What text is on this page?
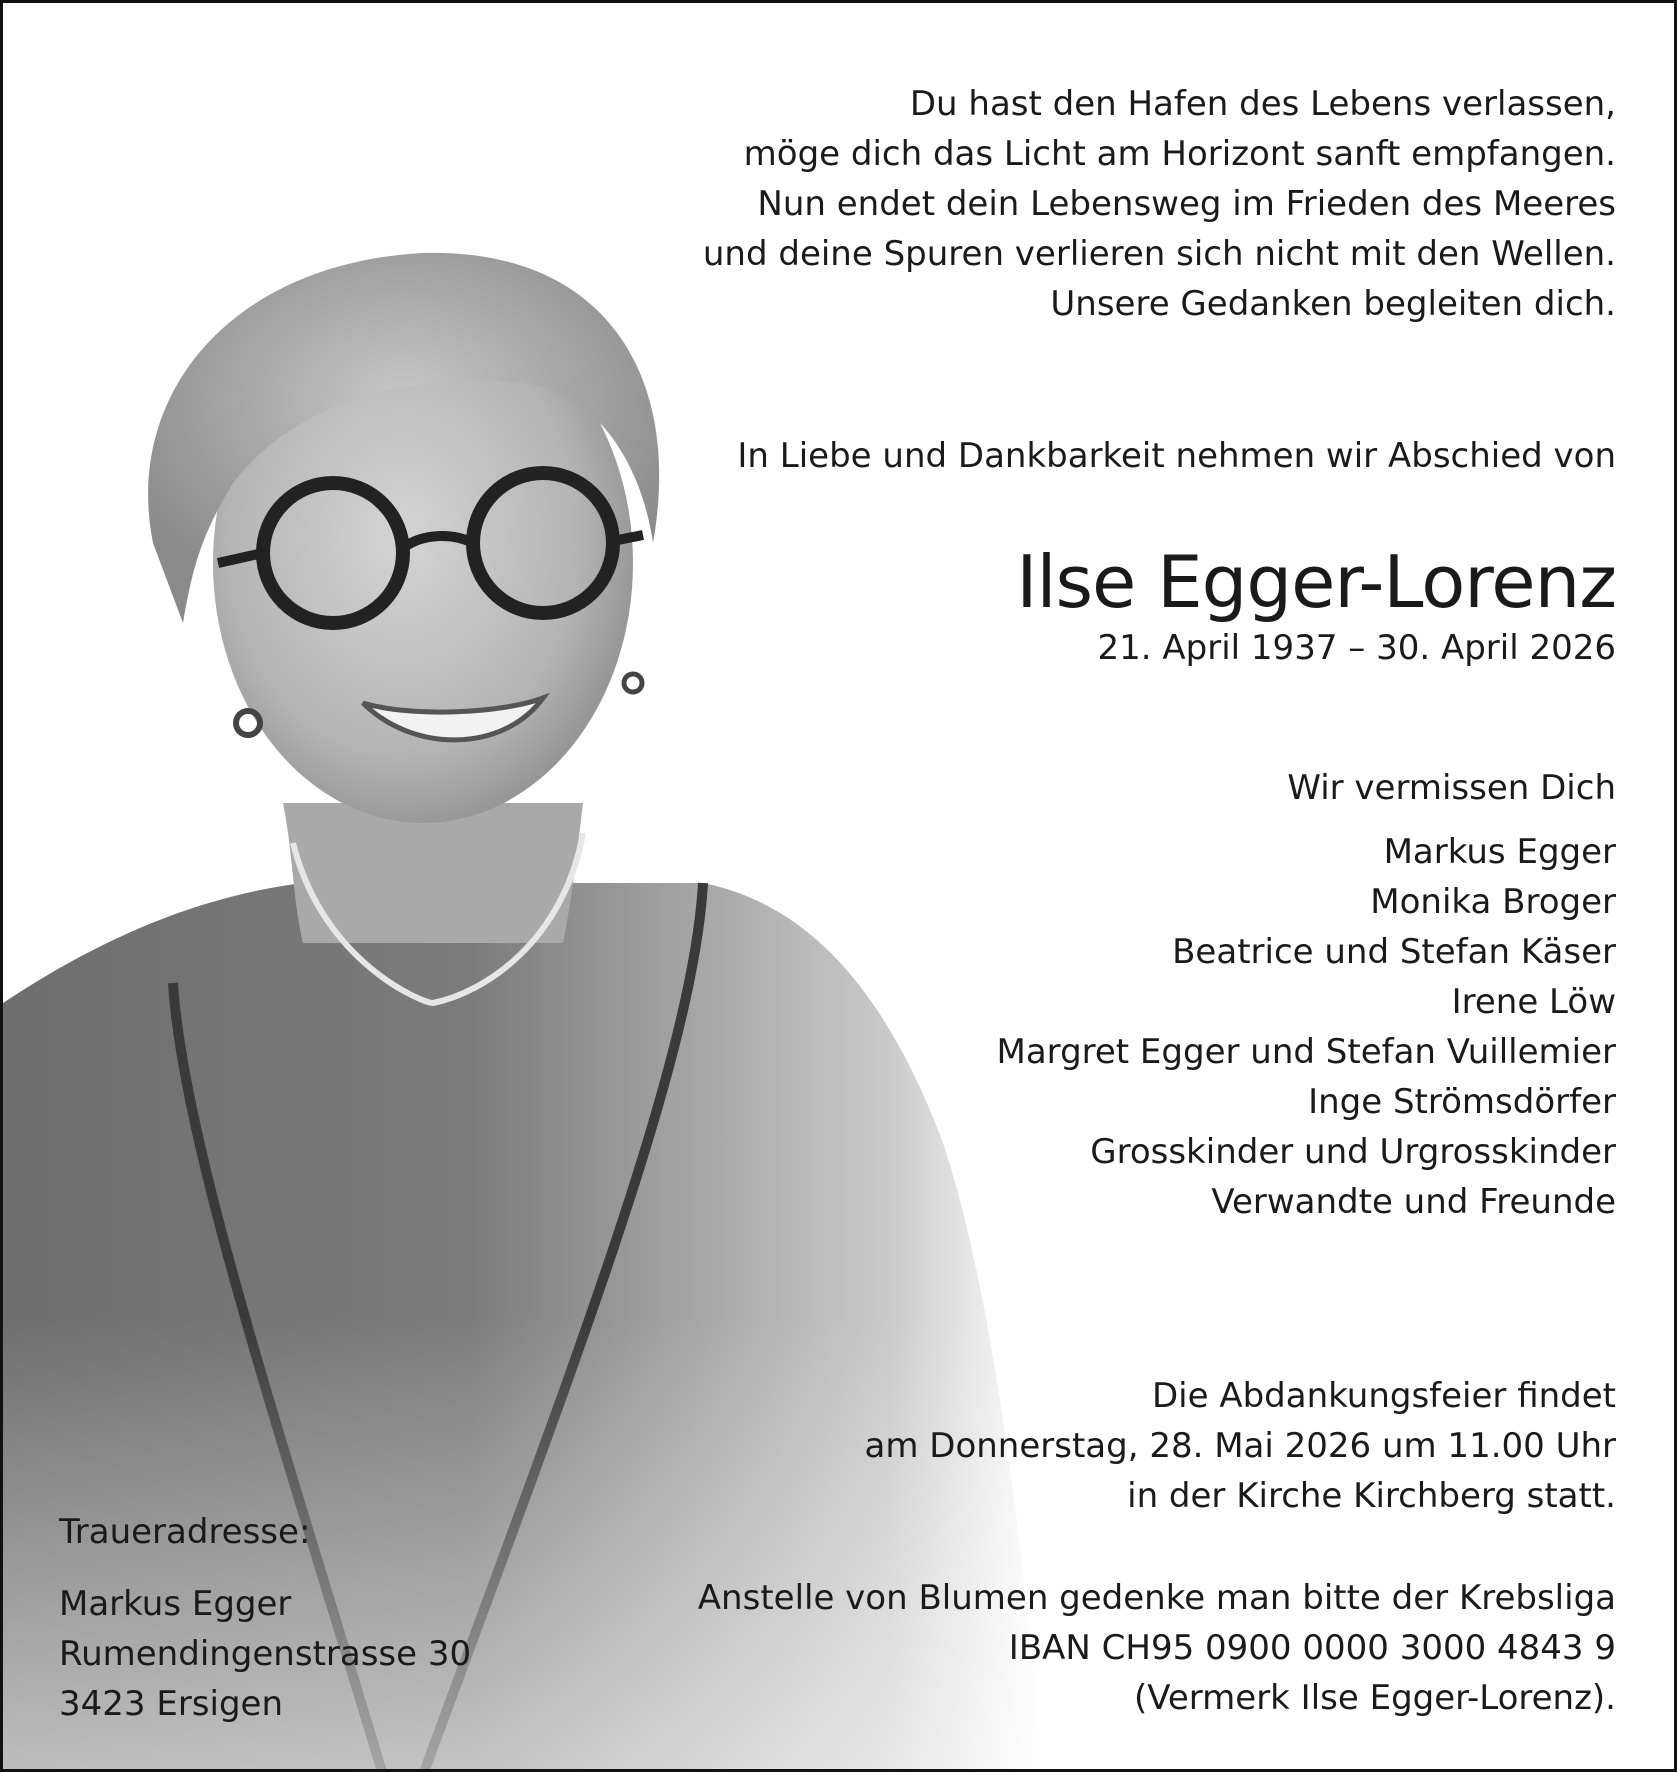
Du hast den Hafen des Lebens verlassen,
möge dich das Licht am Horizont sanft empfangen.
Nun endet dein Lebensweg im Frieden des Meeres
und deine Spuren verlieren sich nicht mit den Wellen.
Unsere Gedanken begleiten dich.
In Liebe und Dankbarkeit nehmen wir Abschied von
Ilse Egger-Lorenz
21. April 1937 – 30. April 2026
Wir vermissen Dich
Markus Egger
Monika Broger
Beatrice und Stefan Käser
Irene Löw
Margret Egger und Stefan Vuillemier
Inge Strömsdörfer
Grosskinder und Urgrosskinder
Verwandte und Freunde
Die Abdankungsfeier findet
am Donnerstag, 28. Mai 2026 um 11.00 Uhr
in der Kirche Kirchberg statt.
Anstelle von Blumen gedenke man bitte der Krebsliga
IBAN CH95 0900 0000 3000 4843 9
(Vermerk Ilse Egger-Lorenz).
Traueradresse:
Markus Egger
Rumendingenstrasse 30
3423 Ersigen
